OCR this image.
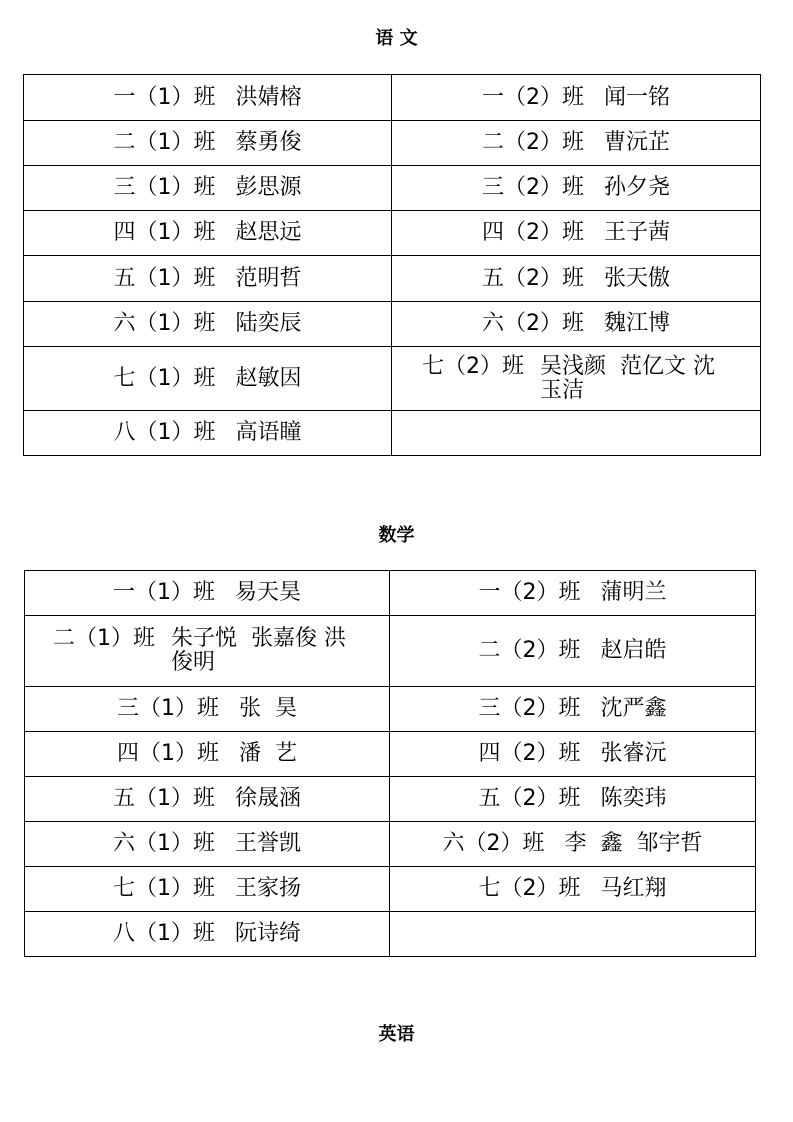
语 文
一（1）班 洪婧榕	一（2）班 闻一铭

二（1）班 蔡勇俊	二（2）班 曹沅芷

三（1）班 彭思源	三（2）班 孙夕尧

四（1）班 赵思远	四（2）班 王子茜

五（1）班 范明哲	五（2）班 张天傲

六（1）班 陆奕辰	六（2）班 魏江博

七（1）班 赵敏因	七（2）班 吴浅颜  范亿文 沈玉洁

八（1）班 高语瞳	

数学
一（1）班 易天昊	一（2）班 蒲明兰

二（1）班 朱子悦  张嘉俊 洪俊明	二（2）班 赵启皓

三（1）班 张  昊	三（2）班 沈严鑫

四（1）班 潘  艺	四（2）班 张睿沅

五（1）班 徐晟涵	五（2）班 陈奕玮

六（1）班 王誉凯	六（2）班 李  鑫  邹宇哲

七（1）班 王家扬	七（2）班 马红翔

八（1）班 阮诗绮	

英语
